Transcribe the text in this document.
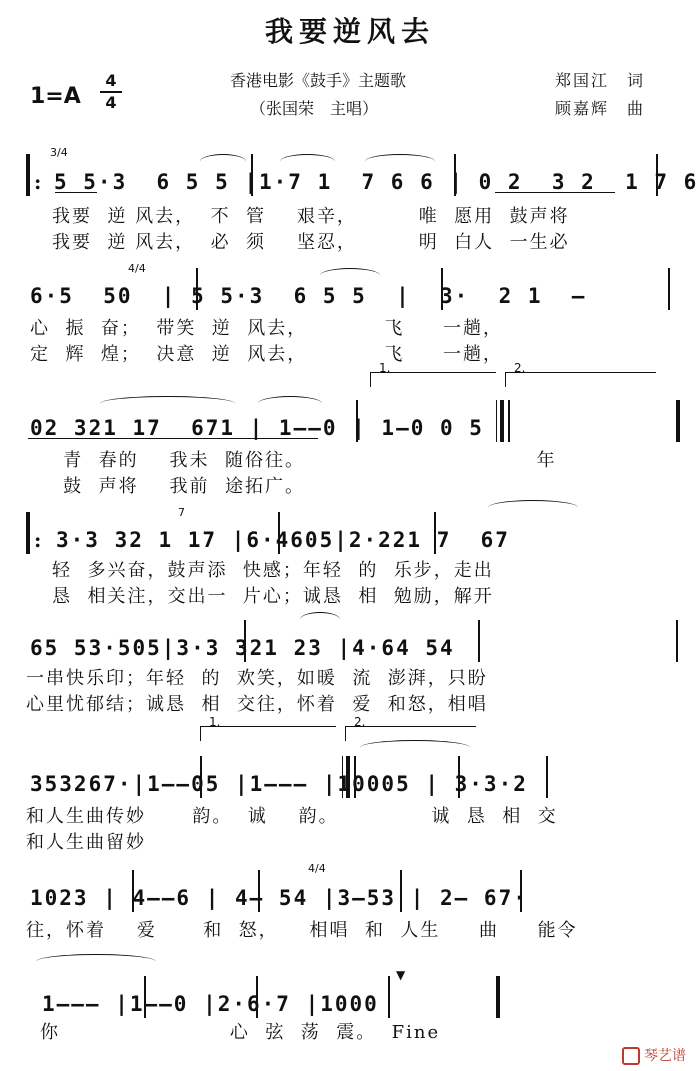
我要逆风去
1=A
4
4
香港电影《鼓手》主题歌
（张国荣　主唱）
郑国江　词
顾嘉辉　曲
3/4
: 5 5·3  6 5 5 |1·7 1  7 6 6 | 0 2  3 2  1 7 6
我要  逆 风去，  不  管    艰辛，        唯  愿用  鼓声将
我要  逆 风去，  必  须    坚忍，        明  白人  一生必
4/4
6·5  50  | 5 5·3  6 5 5  |  3·  2 1  —
心  振  奋；  带笑  逆  风去，          飞     一趟，
定  辉  煌；  决意  逆  风去，          飞     一趟，
1.	2.
02 321 17  671 | 1——0 | 1—0 0 5
青  春的    我未  随俗往。                              年
鼓  声将    我前  途拓广。
7
: 3·3 32 1 17 |6·4605|2·221 7  67
轻  多兴奋，鼓声添  快感；年轻  的  乐步，走出
恳  相关注，交出一  片心；诚恳  相  勉励，解开
65 53·505|3·3 321 23 |4·64 54
一串快乐印；年轻  的  欢笑，如暖  流  澎湃，只盼
心里忧郁结；诚恳  相  交往，怀着  爱  和怒，相唱
1.	2.
353267·|1——05 |1——— |10005 | 3·3·2
和人生曲传妙      韵。  诚    韵。            诚  恳  相  交
和人生曲留妙
4/4
1023 | 4——6 | 4— 54 |3—53 | 2— 67·
往，怀着    爱      和  怒，    相唱  和  人生     曲     能令
▼
1——— |1——0 |2·6·7 |1000
你                      心  弦  荡  震。  Fine
琴艺谱
